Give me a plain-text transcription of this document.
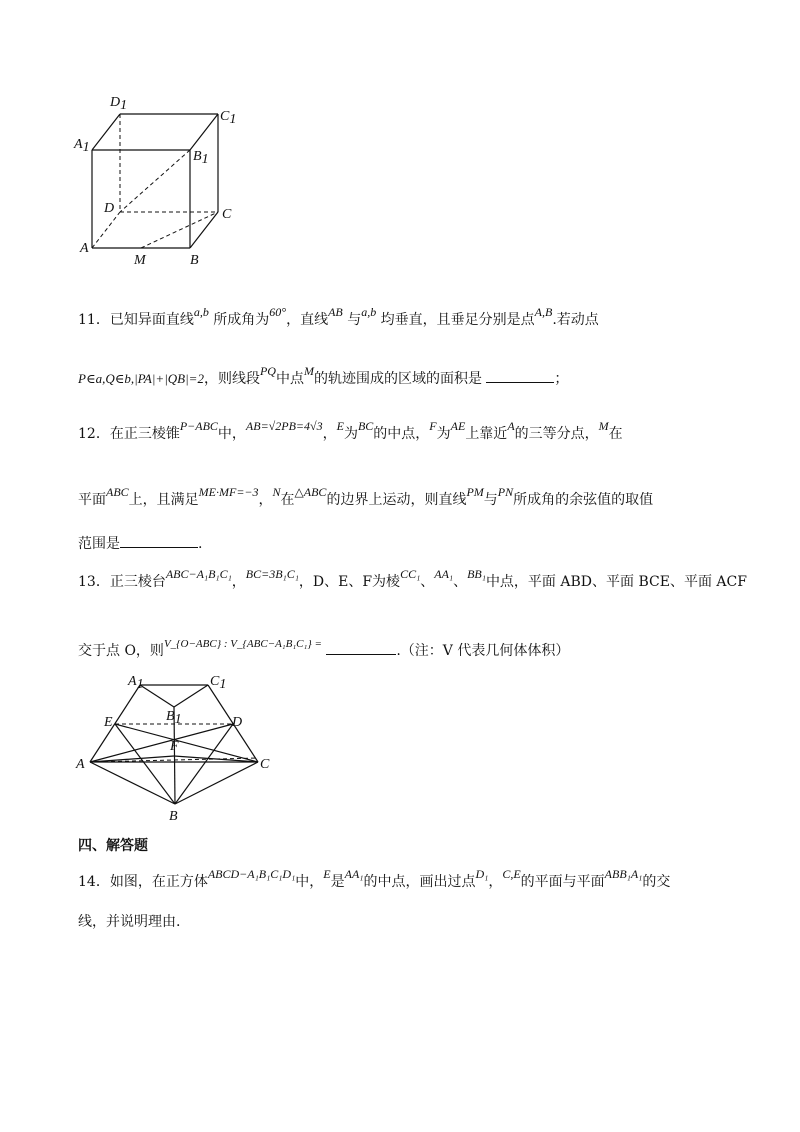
D1
C1
A1
B1
D	C
A
B
M
11．已知异面直线a,b 所成角为60°，直线AB 与a,b 均垂直，且垂足分别是点A,B.若动点
P∈a,Q∈b,|PA|+|QB|=2，则线段PQ中点M的轨迹围成的区域的面积是	；
12．在正三棱锥P−ABC中，AB=√2PB=4√3，E为BC的中点，F为AE上靠近A的三等分点，M在
平面ABC上，且满足ME·MF=−3，N在△ABC的边界上运动，则直线PM与PN所成角的余弦值的取值
范围是	.
13．正三棱台ABC−A₁B₁C₁，BC=3B₁C₁，D、E、F为棱CC₁、AA₁、BB₁中点，平面 ABD、平面 BCE、平面 ACF
交于点 O，则$^{V\_\{O-ABC\} : V\_\{ABC-A_1B_1C_1\} =}$	.（注：V 代表几何体体积）
A1	C1
B1
E	D
F
A	C
B
四、解答题
14．如图，在正方体ABCD−A₁B₁C₁D₁中，E是AA₁的中点，画出过点D₁，C,E的平面与平面ABB₁A₁的交
线，并说明理由.
